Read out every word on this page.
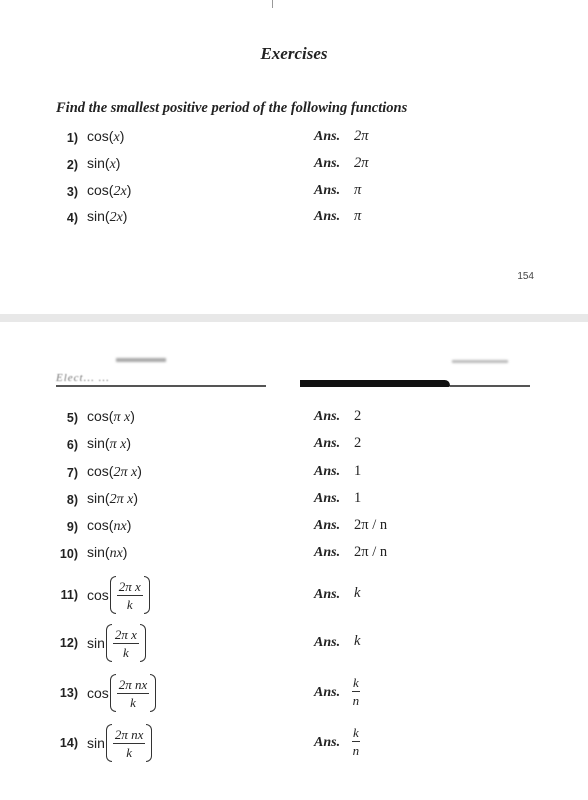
Exercises
Find the smallest positive period of the following functions
1) cos(x)	Ans. 2π
2) sin(x)	Ans. 2π
3) cos(2x)	Ans. π
4) sin(2x)	Ans. π
154
Elect... ...
5) cos(π x)	Ans. 2
6) sin(π x)	Ans. 2
7) cos(2π x)	Ans. 1
8) sin(2π x)	Ans. 1
9) cos(nx)	Ans. 2π / n
10) sin(nx)	Ans. 2π / n
11) $\cos \frac{\text{2π x}}{k}$	Ans. k
12) $\sin \frac{\text{2π x}}{k}$	Ans. k
13) $\cos \frac{\text{2π nx}}{k}$	Ans.
k
n
14) $\sin \frac{\text{2π nx}}{k}$	Ans.
k
n
